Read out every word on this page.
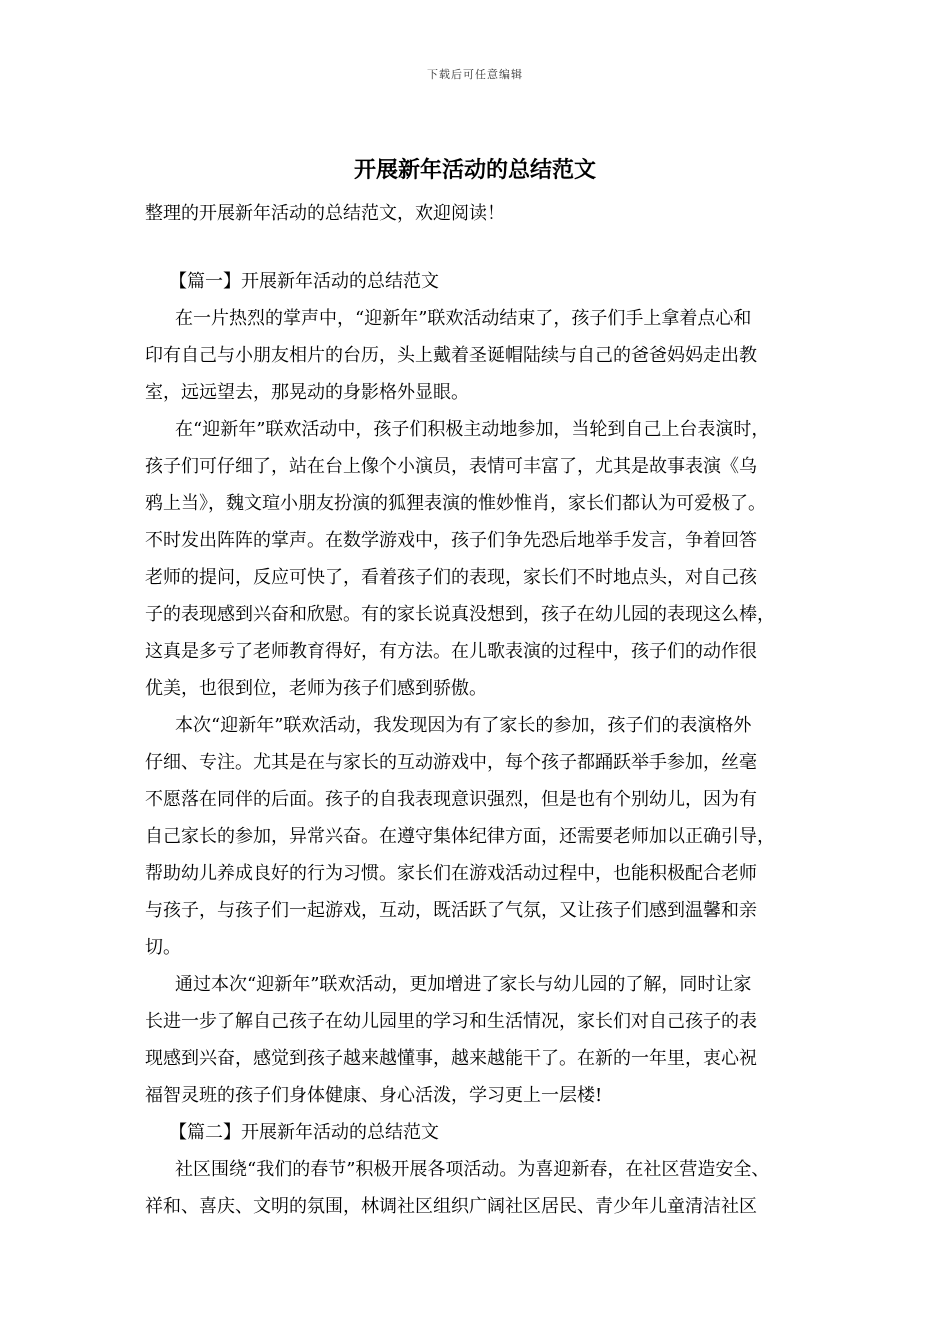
下载后可任意编辑
开展新年活动的总结范文
整理的开展新年活动的总结范文，欢迎阅读！
【篇一】开展新年活动的总结范文
在一片热烈的掌声中，“迎新年”联欢活动结束了，孩子们手上拿着点心和
印有自己与小朋友相片的台历，头上戴着圣诞帽陆续与自己的爸爸妈妈走出教
室，远远望去，那晃动的身影格外显眼。
在“迎新年”联欢活动中，孩子们积极主动地参加，当轮到自己上台表演时，
孩子们可仔细了，站在台上像个小演员，表情可丰富了，尤其是故事表演《乌
鸦上当》，魏文瑄小朋友扮演的狐狸表演的惟妙惟肖，家长们都认为可爱极了。
不时发出阵阵的掌声。在数学游戏中，孩子们争先恐后地举手发言，争着回答
老师的提问，反应可快了，看着孩子们的表现，家长们不时地点头，对自己孩
子的表现感到兴奋和欣慰。有的家长说真没想到，孩子在幼儿园的表现这么棒，
这真是多亏了老师教育得好，有方法。在儿歌表演的过程中，孩子们的动作很
优美，也很到位，老师为孩子们感到骄傲。
本次“迎新年”联欢活动，我发现因为有了家长的参加，孩子们的表演格外
仔细、专注。尤其是在与家长的互动游戏中，每个孩子都踊跃举手参加，丝毫
不愿落在同伴的后面。孩子的自我表现意识强烈，但是也有个别幼儿，因为有
自己家长的参加，异常兴奋。在遵守集体纪律方面，还需要老师加以正确引导，
帮助幼儿养成良好的行为习惯。家长们在游戏活动过程中，也能积极配合老师
与孩子，与孩子们一起游戏，互动，既活跃了气氛，又让孩子们感到温馨和亲
切。
通过本次“迎新年”联欢活动，更加增进了家长与幼儿园的了解，同时让家
长进一步了解自己孩子在幼儿园里的学习和生活情况，家长们对自己孩子的表
现感到兴奋，感觉到孩子越来越懂事，越来越能干了。在新的一年里，衷心祝
福智灵班的孩子们身体健康、身心活泼，学习更上一层楼!
【篇二】开展新年活动的总结范文
社区围绕“我们的春节”积极开展各项活动。为喜迎新春，在社区营造安全、
祥和、喜庆、文明的氛围，林调社区组织广阔社区居民、青少年儿童清洁社区
